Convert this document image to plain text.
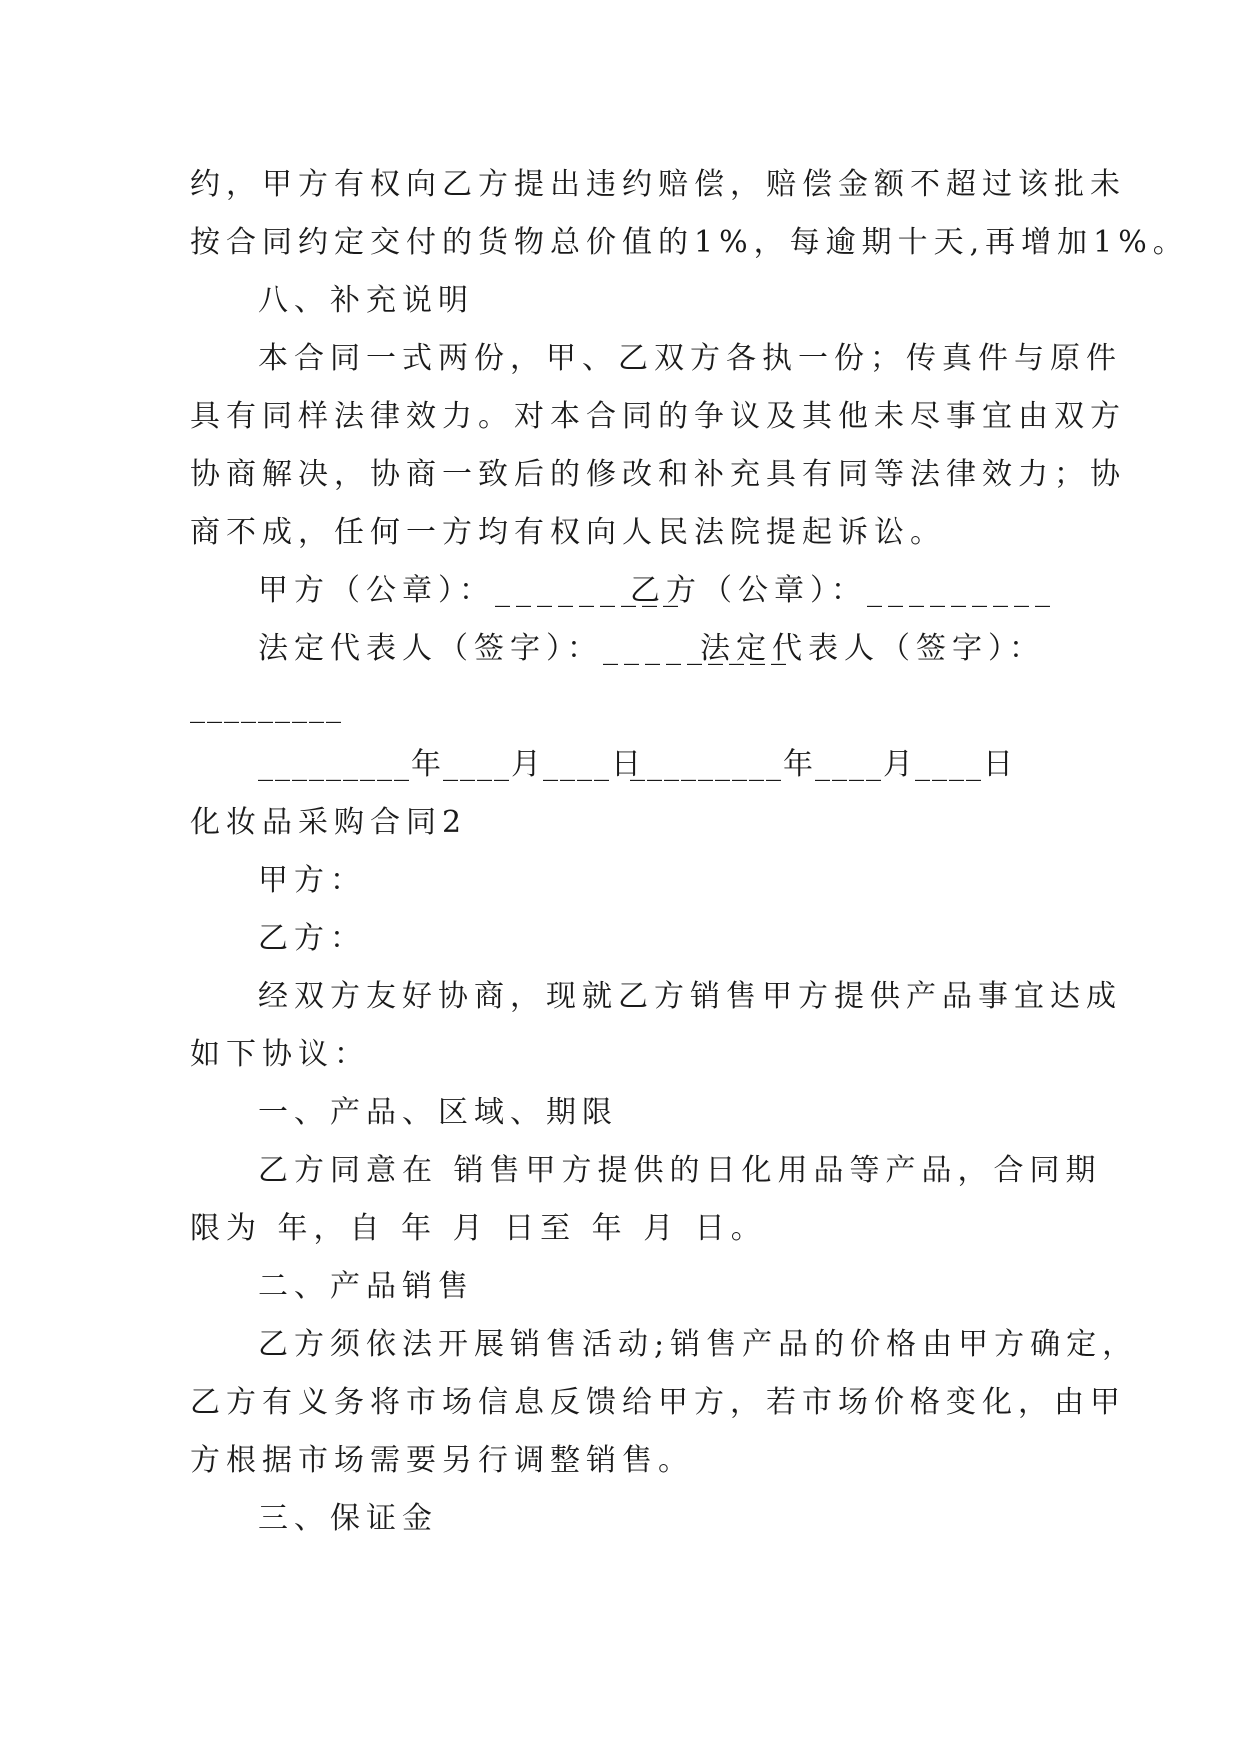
约，甲方有权向乙方提出违约赔偿，赔偿金额不超过该批未
按合同约定交付的货物总价值的1%，每逾期十天,再增加1%。
八、补充说明
本合同一式两份，甲、乙双方各执一份；传真件与原件
具有同样法律效力。对本合同的争议及其他未尽事宜由双方
协商解决，协商一致后的修改和补充具有同等法律效力；协
商不成，任何一方均有权向人民法院提起诉讼。
甲方（公章）：_________
乙方（公章）：_________
法定代表人（签字）：_________
法定代表人（签字）：
_________
_________年____月____日
_________年____月____日
化妆品采购合同2
甲方：
乙方：
经双方友好协商，现就乙方销售甲方提供产品事宜达成
如下协议：
一、产品、区域、期限
乙方同意在 销售甲方提供的日化用品等产品，合同期
限为 年，自 年 月 日至 年 月 日。
二、产品销售
乙方须依法开展销售活动;销售产品的价格由甲方确定，
乙方有义务将市场信息反馈给甲方，若市场价格变化，由甲
方根据市场需要另行调整销售。
三、保证金
